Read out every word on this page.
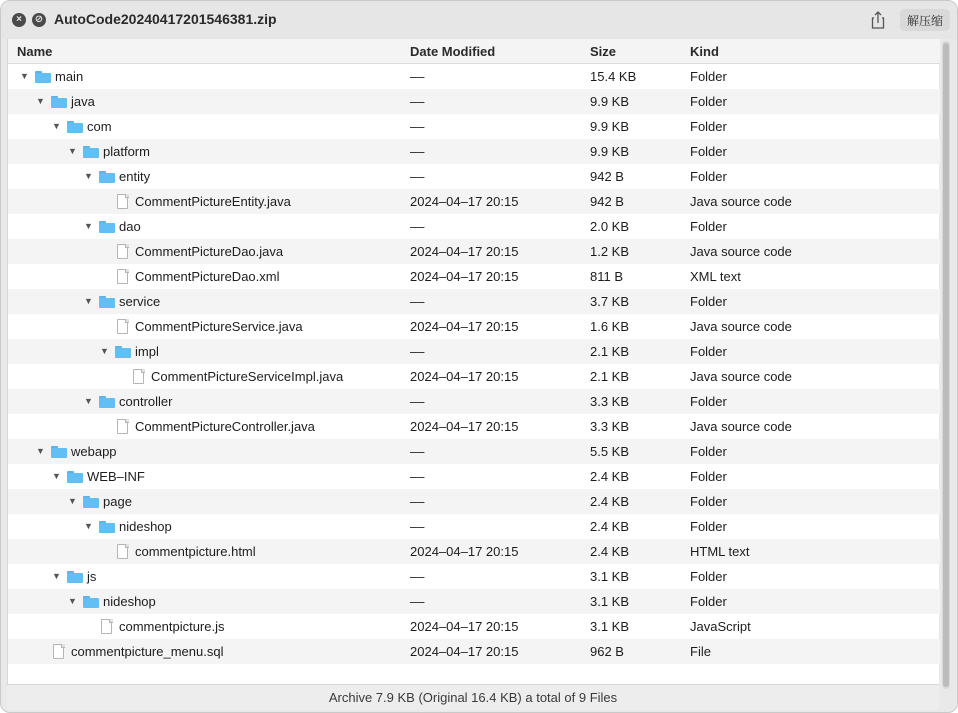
×	⊘ AutoCode20240417201546381.zip	解压缩
Name	Date Modified	Size	Kind
▼ main	––	15.4 KB	Folder
▼ java	––	9.9 KB	Folder
▼ com	––	9.9 KB	Folder
▼ platform	––	9.9 KB	Folder
▼ entity	––	942 B	Folder
CommentPictureEntity.java	2024–04–17 20:15	942 B	Java source code
▼ dao	––	2.0 KB	Folder
CommentPictureDao.java	2024–04–17 20:15	1.2 KB	Java source code
CommentPictureDao.xml	2024–04–17 20:15	811 B	XML text
▼ service	––	3.7 KB	Folder
CommentPictureService.java	2024–04–17 20:15	1.6 KB	Java source code
▼ impl	––	2.1 KB	Folder
CommentPictureServiceImpl.java	2024–04–17 20:15	2.1 KB	Java source code
▼ controller	––	3.3 KB	Folder
CommentPictureController.java	2024–04–17 20:15	3.3 KB	Java source code
▼ webapp	––	5.5 KB	Folder
▼ WEB–INF	––	2.4 KB	Folder
▼ page	––	2.4 KB	Folder
▼ nideshop	––	2.4 KB	Folder
commentpicture.html	2024–04–17 20:15	2.4 KB	HTML text
▼ js	––	3.1 KB	Folder
▼ nideshop	––	3.1 KB	Folder
commentpicture.js	2024–04–17 20:15	3.1 KB	JavaScript
commentpicture_menu.sql	2024–04–17 20:15	962 B	File
Archive 7.9 KB (Original 16.4 KB) a total of 9 Files
